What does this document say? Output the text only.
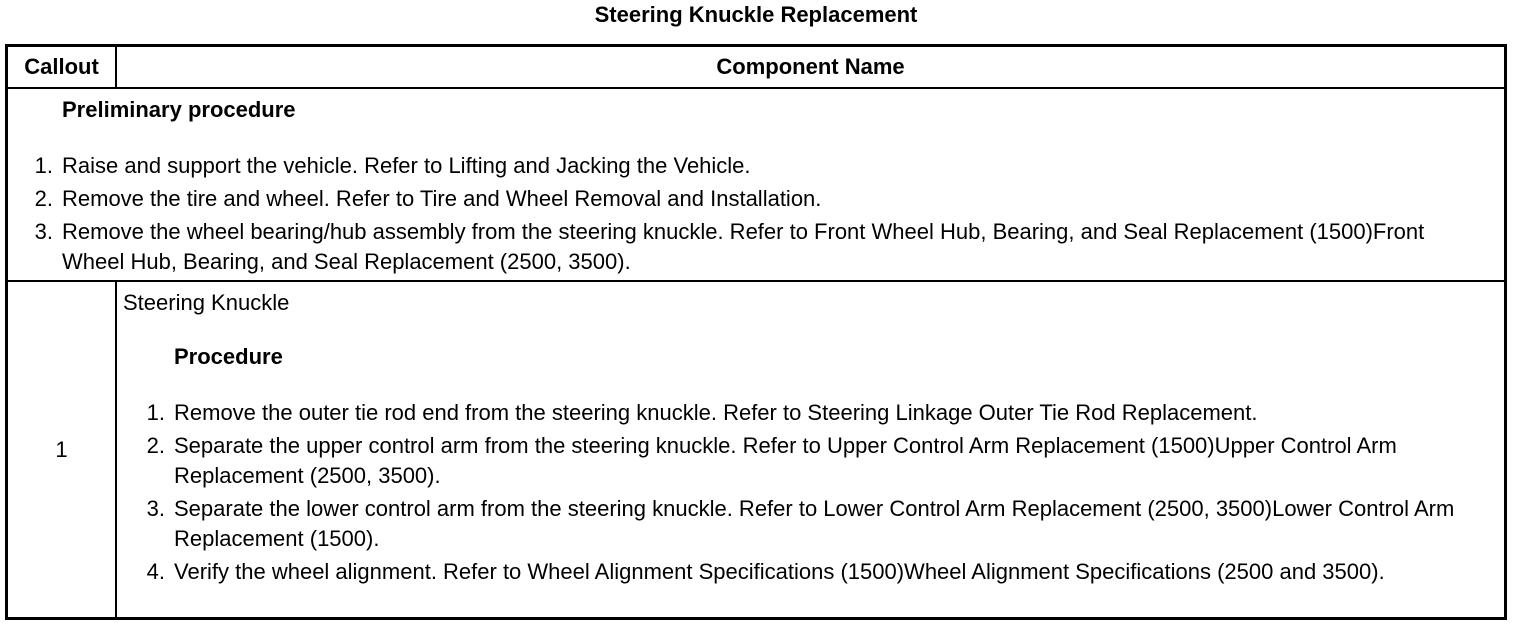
Steering Knuckle Replacement
Callout	Component Name
Preliminary procedure
1. Raise and support the vehicle. Refer to Lifting and Jacking the Vehicle.
2. Remove the tire and wheel. Refer to Tire and Wheel Removal and Installation.
3. Remove the wheel bearing/hub assembly from the steering knuckle. Refer to Front Wheel Hub, Bearing, and Seal Replacement (1500)Front Wheel Hub, Bearing, and Seal Replacement (2500, 3500).
1
Steering Knuckle
Procedure
1. Remove the outer tie rod end from the steering knuckle. Refer to Steering Linkage Outer Tie Rod Replacement.
2. Separate the upper control arm from the steering knuckle. Refer to Upper Control Arm Replacement (1500)Upper Control Arm Replacement (2500, 3500).
3. Separate the lower control arm from the steering knuckle. Refer to Lower Control Arm Replacement (2500, 3500)Lower Control Arm Replacement (1500).
4. Verify the wheel alignment. Refer to Wheel Alignment Specifications (1500)Wheel Alignment Specifications (2500 and 3500).
